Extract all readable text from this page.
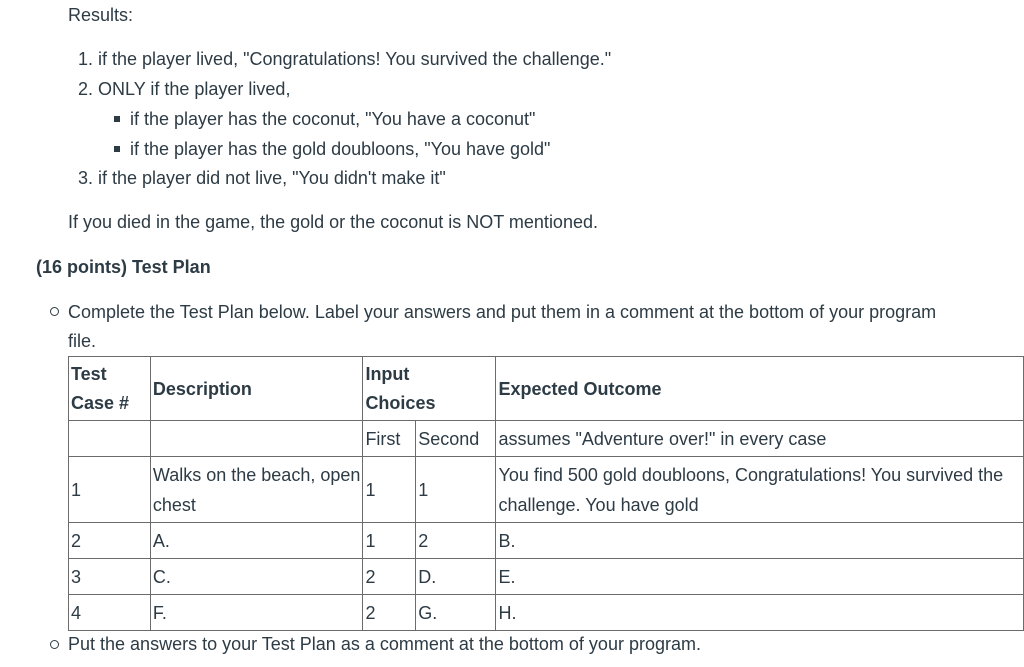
Results:
1. if the player lived, "Congratulations! You survived the challenge."
2. ONLY if the player lived,
if the player has the coconut, "You have a coconut"
if the player has the gold doubloons, "You have gold"
3. if the player did not live, "You didn't make it"
If you died in the game, the gold or the coconut is NOT mentioned.
(16 points) Test Plan
Complete the Test Plan below. Label your answers and put them in a comment at the bottom of your program
file.
Test Case #	Description	Input Choices		Expected Outcome
		First	Second	assumes "Adventure over!" in every case
1	Walks on the beach, open chest	1	1	You find 500 gold doubloons, Congratulations! You survived the challenge. You have gold
2	A.	1	2	B.
3	C.	2	D.	E.
4	F.	2	G.	H.
Put the answers to your Test Plan as a comment at the bottom of your program.
